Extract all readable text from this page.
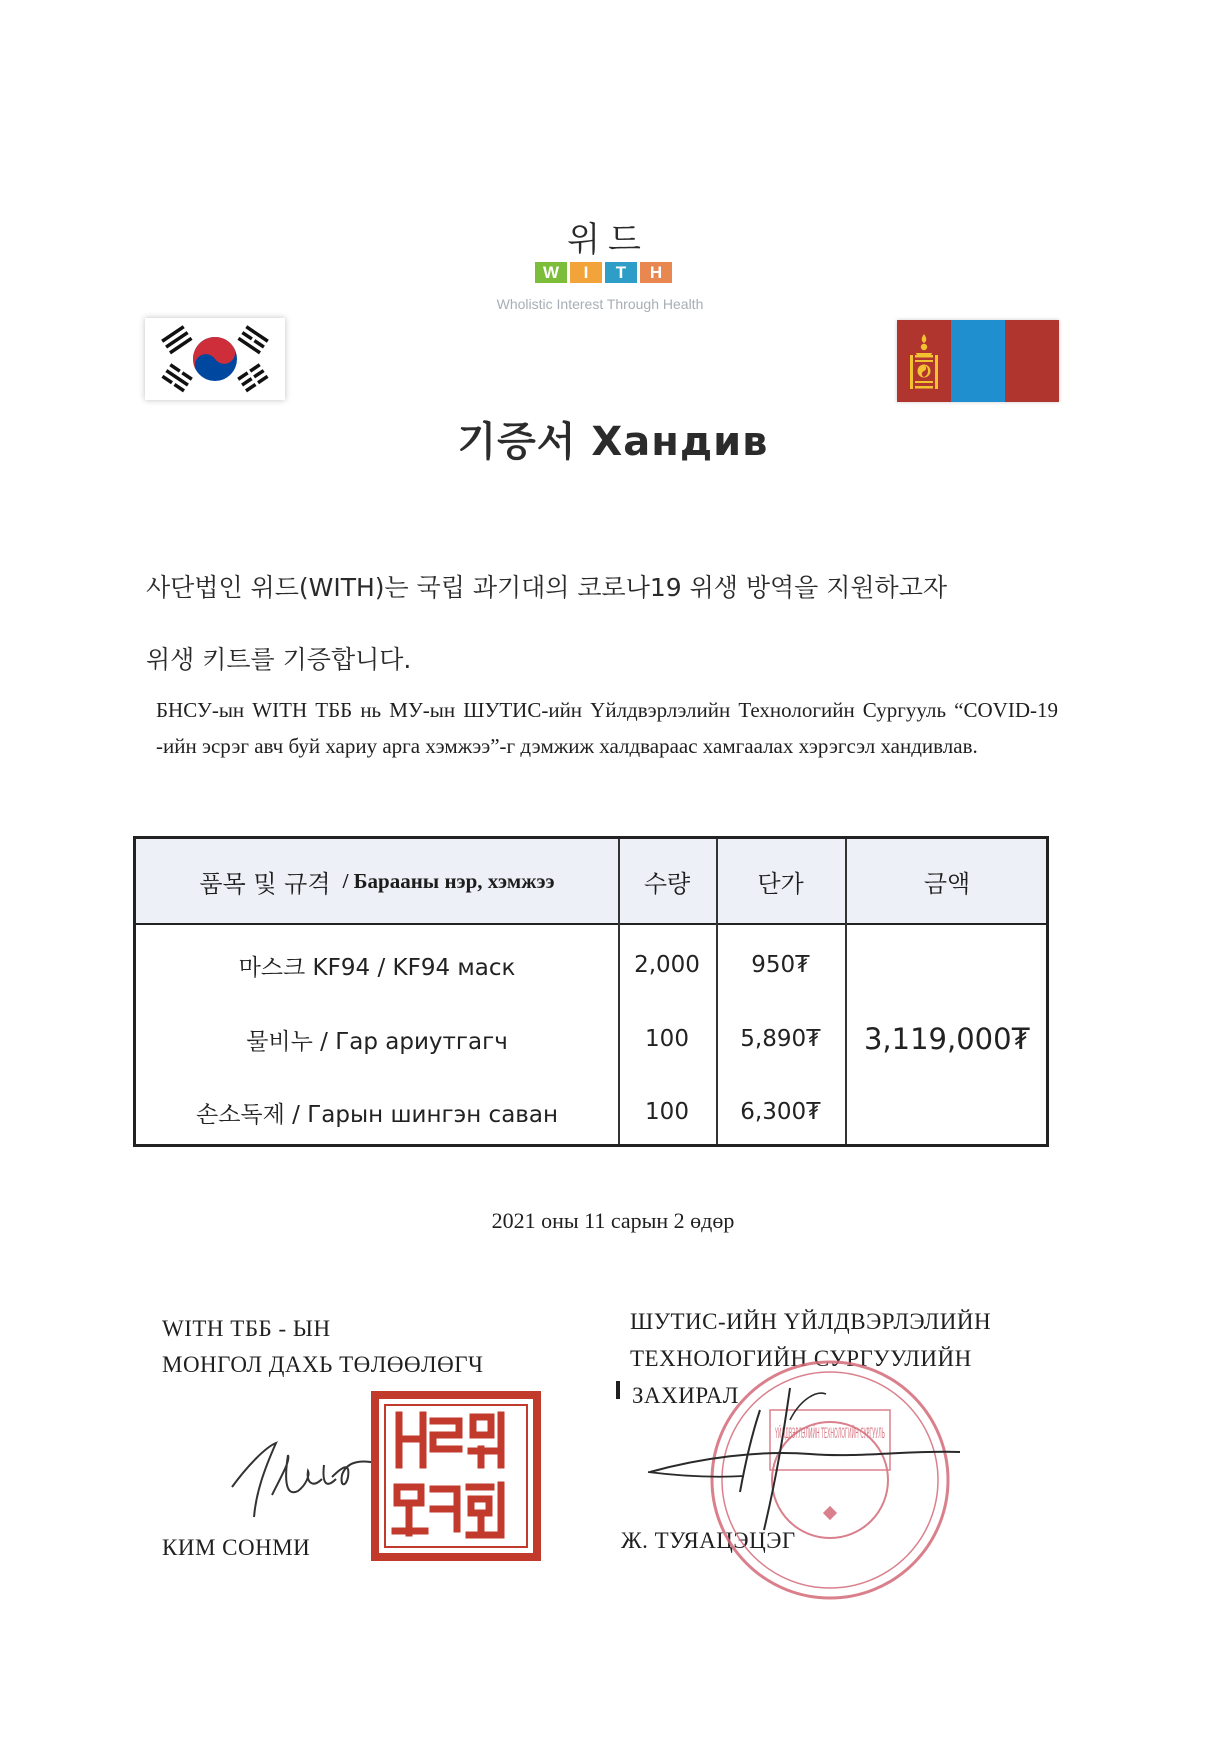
위드
W	I	T	H
Wholistic Interest Through Health
기증서 Хандив
사단법인 위드(WITH)는 국립 과기대의 코로나19 위생 방역을 지원하고자
위생 키트를 기증합니다.
БНСУ-ын WITH ТББ нь МУ-ын ШУТИС-ийн Үйлдвэрлэлийн Технологийн Сургууль “COVID-19 -ийн эсрэг авч буй хариу арга хэмжээ”-г дэмжиж халдвараас хамгаалах хэрэгсэл хандивлав.
품목 및 규격 / Барааны нэр, хэмжээ	수량	단가	금액
마스크 KF94 / KF94 маск	2,000	950₮
물비누 / Гар ариутгагч	100	5,890₮
손소독제 / Гарын шингэн саван	100	6,300₮
3,119,000₮
2021 оны 11 сарын 2 өдөр
WITH ТББ - ЫН
МОНГОЛ ДАХЬ ТӨЛӨӨЛӨГЧ
КИМ СОНМИ
ШУТИС-ИЙН ҮЙЛДВЭРЛЭЛИЙН
ТЕХНОЛОГИЙН СУРГУУЛИЙН
ЗАХИРАЛ
Ж. ТУЯАЦЭЦЭГ
ҮЙЛДВЭРЛЭЛИЙН ТЕХНОЛОГИЙН СУРГУУЛЬ
